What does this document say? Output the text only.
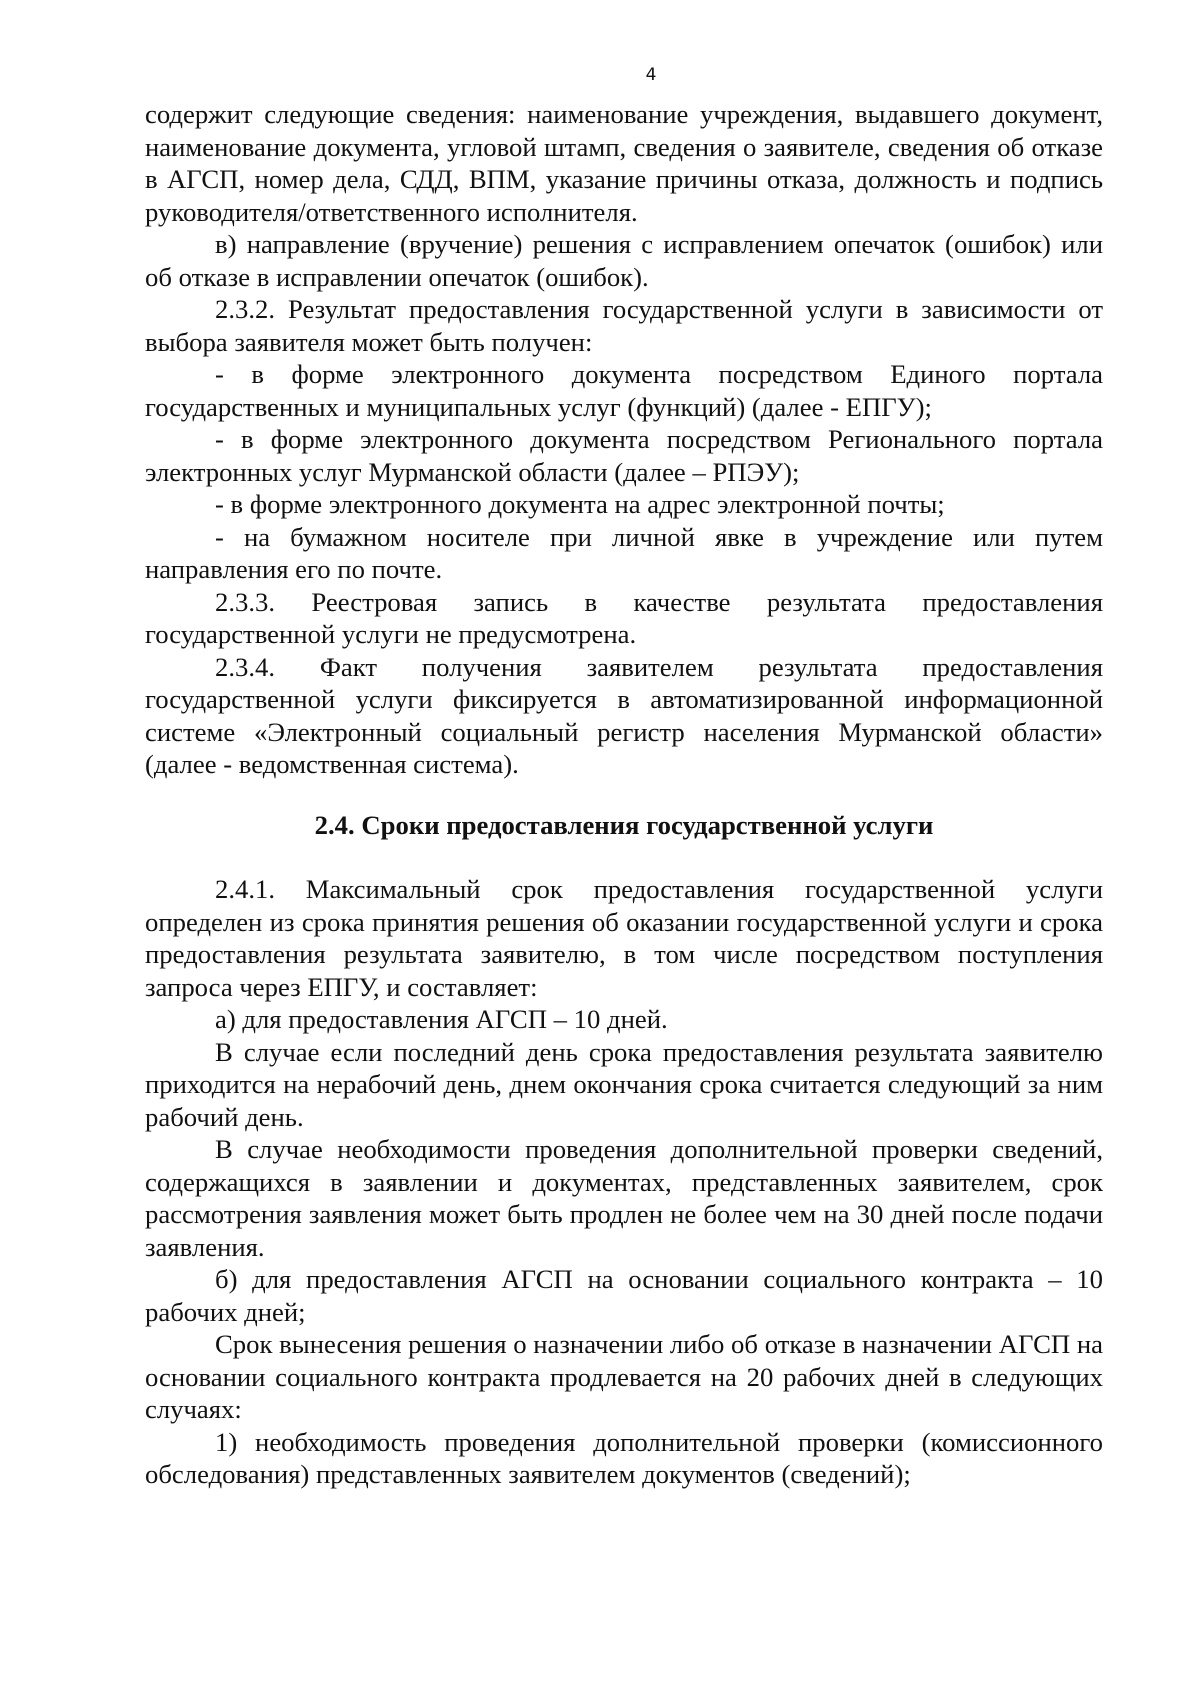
4

содержит следующие сведения: наименование учреждения, выдавшего документ, наименование документа, угловой штамп, сведения о заявителе, сведения об отказе в АГСП, номер дела, СДД, ВПМ, указание причины отказа, должность и подпись руководителя/ответственного исполнителя.

в) направление (вручение) решения с исправлением опечаток (ошибок) или об отказе в исправлении опечаток (ошибок).

2.3.2. Результат предоставления государственной услуги в зависимости от выбора заявителя может быть получен:

- в форме электронного документа посредством Единого портала государственных и муниципальных услуг (функций) (далее - ЕПГУ);

- в форме электронного документа посредством Регионального портала электронных услуг Мурманской области (далее – РПЭУ);

- в форме электронного документа на адрес электронной почты;

- на бумажном носителе при личной явке в учреждение или путем направления его по почте.

2.3.3. Реестровая запись в качестве результата предоставления государственной услуги не предусмотрена.

2.3.4. Факт получения заявителем результата предоставления государственной услуги фиксируется в автоматизированной информационной системе «Электронный социальный регистр населения Мурманской области» (далее - ведомственная система).

2.4. Сроки предоставления государственной услуги

2.4.1. Максимальный срок предоставления государственной услуги определен из срока принятия решения об оказании государственной услуги и срока предоставления результата заявителю, в том числе посредством поступления запроса через ЕПГУ, и составляет:

а) для предоставления АГСП – 10 дней.

В случае если последний день срока предоставления результата заявителю приходится на нерабочий день, днем окончания срока считается следующий за ним рабочий день.

В случае необходимости проведения дополнительной проверки сведений, содержащихся в заявлении и документах, представленных заявителем, срок рассмотрения заявления может быть продлен не более чем на 30 дней после подачи заявления.

б) для предоставления АГСП на основании социального контракта – 10 рабочих дней;

Срок вынесения решения о назначении либо об отказе в назначении АГСП на основании социального контракта продлевается на 20 рабочих дней в следующих случаях:

1) необходимость проведения дополнительной проверки (комиссионного обследования) представленных заявителем документов (сведений);
